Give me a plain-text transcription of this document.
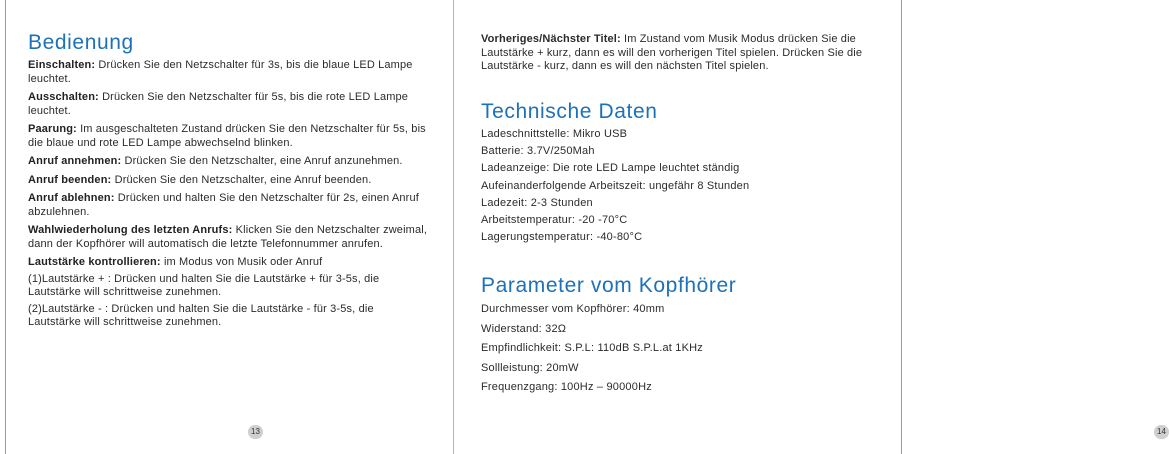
Bedienung

Einschalten: Drücken Sie den Netzschalter für 3s, bis die blaue LED Lampe leuchtet.

Ausschalten: Drücken Sie den Netzschalter für 5s, bis die rote LED Lampe leuchtet.

Paarung: Im ausgeschalteten Zustand drücken Sie den Netzschalter für 5s, bis die blaue und rote LED Lampe abwechselnd blinken.

Anruf annehmen: Drücken Sie den Netzschalter, eine Anruf anzunehmen.

Anruf beenden: Drücken Sie den Netzschalter, eine Anruf beenden.

Anruf ablehnen: Drücken und halten Sie den Netzschalter für 2s, einen Anruf abzulehnen.

Wahlwiederholung des letzten Anrufs: Klicken Sie den Netzschalter zweimal, dann der Kopfhörer will automatisch die letzte Telefonnummer anrufen.

Lautstärke kontrollieren: im Modus von Musik oder Anruf

(1)Lautstärke + : Drücken und halten Sie die Lautstärke + für 3-5s, die Lautstärke will schrittweise zunehmen.

(2)Lautstärke - : Drücken und halten Sie die Lautstärke - für 3-5s, die Lautstärke will schrittweise zunehmen.

13

Vorheriges/Nächster Titel: Im Zustand vom Musik Modus drücken Sie die Lautstärke + kurz, dann es will den vorherigen Titel spielen. Drücken Sie die Lautstärke - kurz, dann es will den nächsten Titel spielen.

Technische Daten
Ladeschnittstelle: Mikro USB
Batterie: 3.7V/250Mah
Ladeanzeige: Die rote LED Lampe leuchtet ständig
Aufeinanderfolgende Arbeitszeit: ungefähr 8 Stunden
Ladezeit: 2-3 Stunden
Arbeitstemperatur: -20 -70°C
Lagerungstemperatur: -40-80°C
Parameter vom Kopfhörer
Durchmesser vom Kopfhörer: 40mm
Widerstand: 32Ω
Empfindlichkeit: S.P.L: 110dB S.P.L.at 1KHz
Sollleistung: 20mW
Frequenzgang: 100Hz – 90000Hz
14
